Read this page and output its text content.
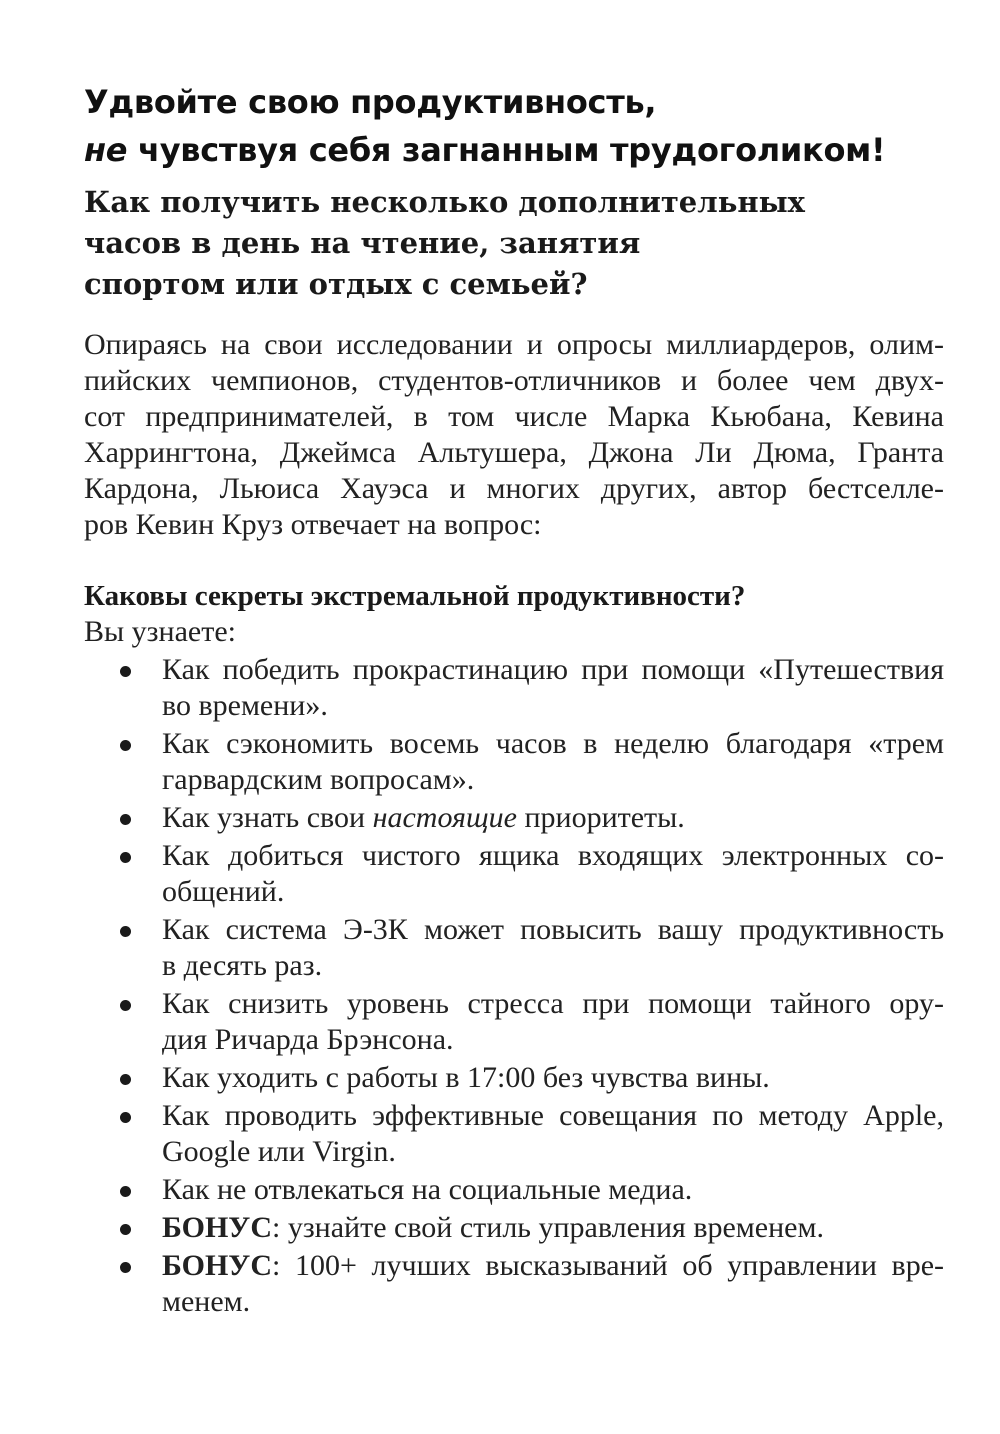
Удвойте свою продуктивность,
не чувствуя себя загнанным трудоголиком!
Как получить несколько дополнительных
часов в день на чтение, занятия
спортом или отдых с семьей?

Опираясь на свои исследовании и опросы миллиардеров, олим-
пийских чемпионов, студентов-отличников и более чем двух-
сот предпринимателей, в том числе Марка Кьюбана, Кевина
Харрингтона, Джеймса Альтушера, Джона Ли Дюма, Гранта
Кардона, Льюиса Хауэса и многих других, автор бестселле-
ров Кевин Круз отвечает на вопрос:

Каковы секреты экстремальной продуктивности?

Вы узнаете:

Как победить прокрастинацию при помощи «Путешествия
во времени».
Как сэкономить восемь часов в неделю благодаря «трем
гарвардским вопросам».
Как узнать свои настоящие приоритеты.
Как добиться чистого ящика входящих электронных со-
общений.
Как система Э-3К может повысить вашу продуктивность
в десять раз.
Как снизить уровень стресса при помощи тайного ору-
дия Ричарда Брэнсона.
Как уходить с работы в 17:00 без чувства вины.
Как проводить эффективные совещания по методу Apple,
Google или Virgin.
Как не отвлекаться на социальные медиа.
БОНУС: узнайте свой стиль управления временем.
БОНУС: 100+ лучших высказываний об управлении вре-
менем.
